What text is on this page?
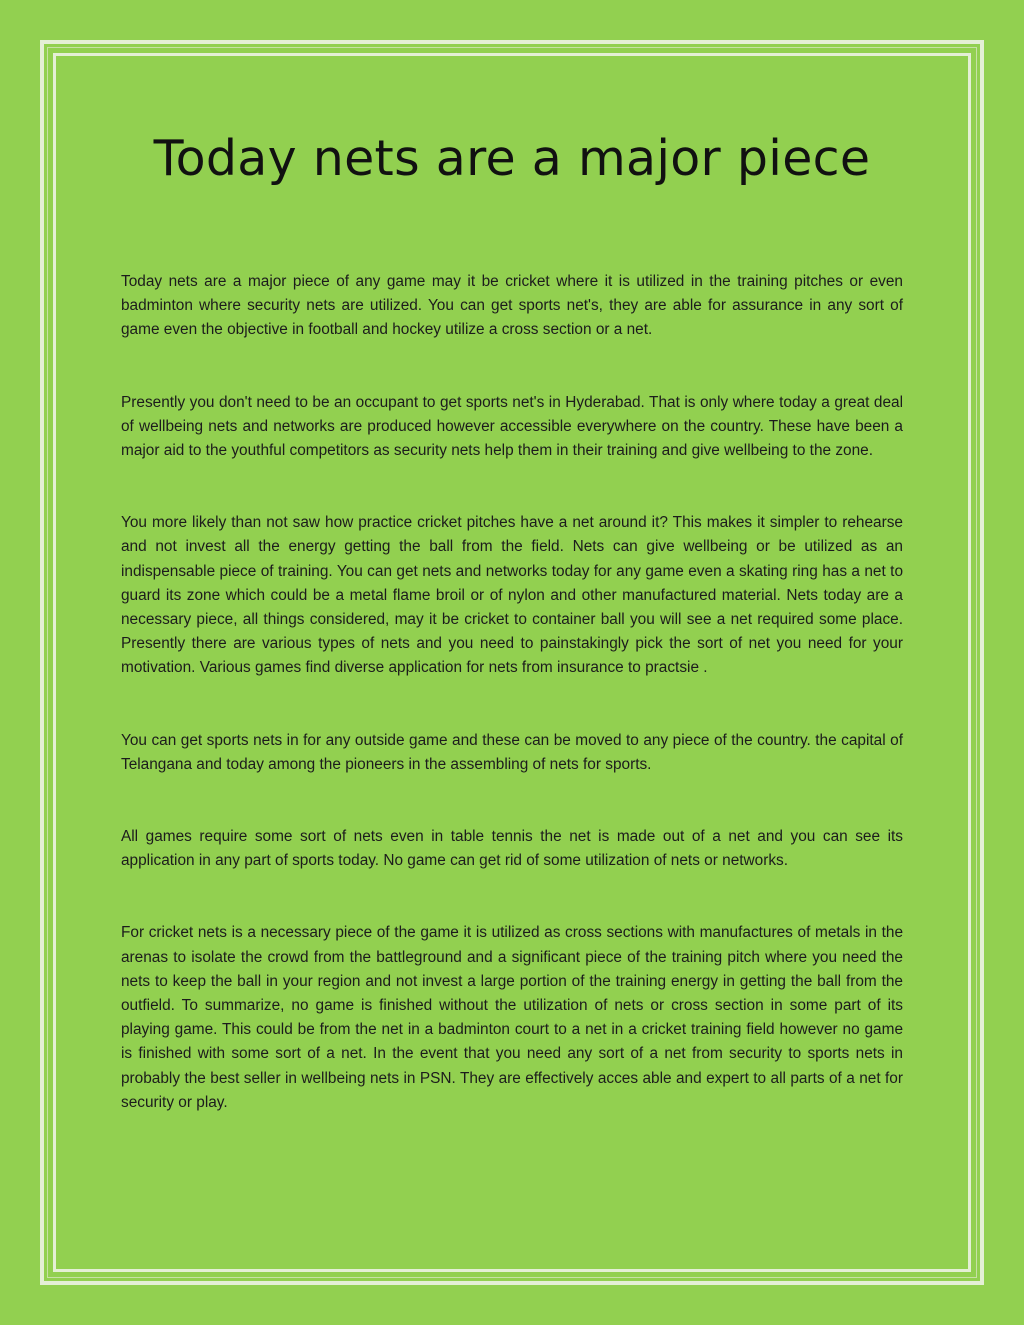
Today nets are a major piece

Today nets are a major piece of any game may it be cricket where it is utilized in the training pitches or even badminton where security nets are utilized. You can get sports net's, they are able for assurance in any sort of game even the objective in football and hockey utilize a cross section or a net.

Presently you don't need to be an occupant to get sports net's in Hyderabad. That is only where today a great deal of wellbeing nets and networks are produced however accessible everywhere on the country. These have been a major aid to the youthful competitors as security nets help them in their training and give wellbeing to the zone.

You more likely than not saw how practice cricket pitches have a net around it? This makes it simpler to rehearse and not invest all the energy getting the ball from the field. Nets can give wellbeing or be utilized as an indispensable piece of training. You can get nets and networks today for any game even a skating ring has a net to guard its zone which could be a metal flame broil or of nylon and other manufactured material. Nets today are a necessary piece, all things considered, may it be cricket to container ball you will see a net required some place. Presently there are various types of nets and you need to painstakingly pick the sort of net you need for your motivation. Various games find diverse application for nets from insurance to practsie .

You can get sports nets in for any outside game and these can be moved to any piece of the country. the capital of Telangana and today among the pioneers in the assembling of nets for sports.

All games require some sort of nets even in table tennis the net is made out of a net and you can see its application in any part of sports today. No game can get rid of some utilization of nets or networks.

For cricket nets is a necessary piece of the game it is utilized as cross sections with manufactures of metals in the arenas to isolate the crowd from the battleground and a significant piece of the training pitch where you need the nets to keep the ball in your region and not invest a large portion of the training energy in getting the ball from the outfield. To summarize, no game is finished without the utilization of nets or cross section in some part of its playing game. This could be from the net in a badminton court to a net in a cricket training field however no game is finished with some sort of a net. In the event that you need any sort of a net from security to sports nets in probably the best seller in wellbeing nets in PSN. They are effectively acces able and expert to all parts of a net for security or play.
